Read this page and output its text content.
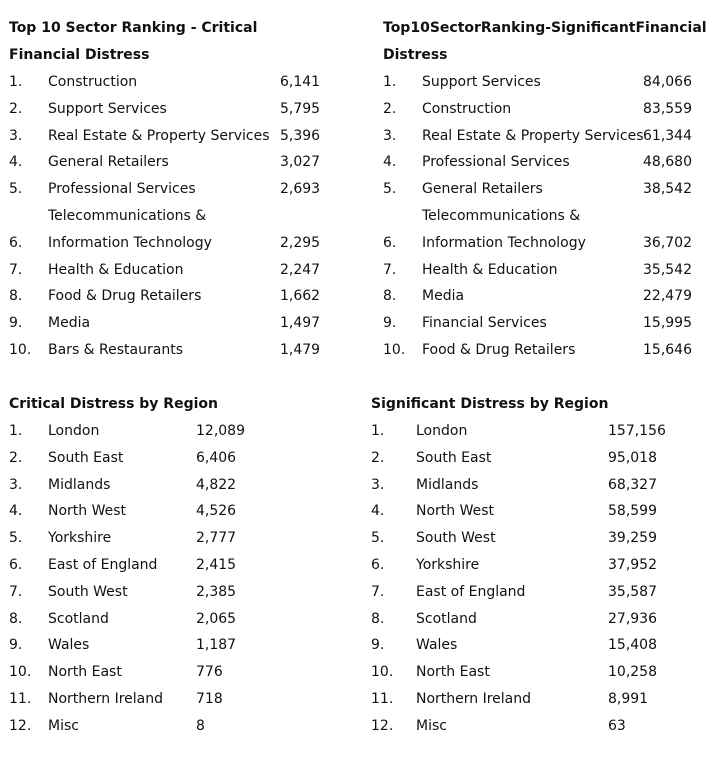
Top 10 Sector Ranking - Critical
Financial Distress
1. Construction	6,141
2. Support Services	5,795
3. Real Estate & Property Services 5,396
4. General Retailers	3,027
5. Professional Services	2,693
Telecommunications &
6. Information Technology	2,295
7. Health & Education	2,247
8. Food & Drug Retailers	1,662
9. Media	1,497
10. Bars & Restaurants	1,479
Top 10 Sector Ranking - Significant Financial
Distress
1. Support Services	84,066
2. Construction	83,559
3. Real Estate & Property Services 61,344
4. Professional Services	48,680
5. General Retailers	38,542
Telecommunications &
6. Information Technology	36,702
7. Health & Education	35,542
8. Media	22,479
9. Financial Services	15,995
10. Food & Drug Retailers	15,646
Critical Distress by Region
1. London	12,089
2. South East	6,406
3. Midlands	4,822
4. North West	4,526
5. Yorkshire	2,777
6. East of England	2,415
7. South West	2,385
8. Scotland	2,065
9. Wales	1,187
10. North East	776
11. Northern Ireland 718
12. Misc	8
Significant Distress by Region
1. London	157,156
2. South East	95,018
3. Midlands	68,327
4. North West	58,599
5. South West	39,259
6. Yorkshire	37,952
7. East of England	35,587
8. Scotland	27,936
9. Wales	15,408
10. North East	10,258
11. Northern Ireland	8,991
12. Misc	63
